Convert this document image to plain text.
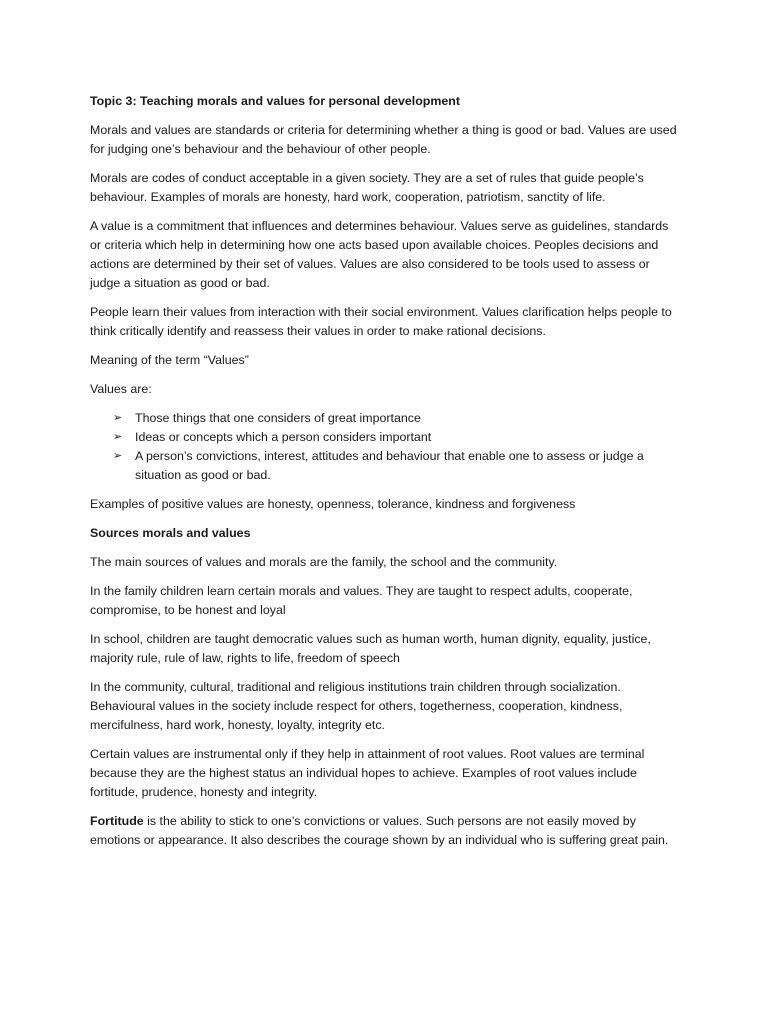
Topic 3: Teaching morals and values for personal development

Morals and values are standards or criteria for determining whether a thing is good or bad. Values are used for judging one’s behaviour and the behaviour of other people.

Morals are codes of conduct acceptable in a given society. They are a set of rules that guide people’s behaviour. Examples of morals are honesty, hard work, cooperation, patriotism, sanctity of life.

A value is a commitment that influences and determines behaviour. Values serve as guidelines, standards or criteria which help in determining how one acts based upon available choices. Peoples decisions and actions are determined by their set of values. Values are also considered to be tools used to assess or judge a situation as good or bad.

People learn their values from interaction with their social environment. Values clarification helps people to think critically identify and reassess their values in order to make rational decisions.

Meaning of the term “Values”

Values are:

➢ Those things that one considers of great importance
➢ Ideas or concepts which a person considers important
➢ A person’s convictions, interest, attitudes and behaviour that enable one to assess or judge a situation as good or bad.

Examples of positive values are honesty, openness, tolerance, kindness and forgiveness

Sources morals and values

The main sources of values and morals are the family, the school and the community.

In the family children learn certain morals and values. They are taught to respect adults, cooperate, compromise, to be honest and loyal

In school, children are taught democratic values such as human worth, human dignity, equality, justice, majority rule, rule of law, rights to life, freedom of speech

In the community, cultural, traditional and religious institutions train children through socialization. Behavioural values in the society include respect for others, togetherness, cooperation, kindness, mercifulness, hard work, honesty, loyalty, integrity etc.

Certain values are instrumental only if they help in attainment of root values. Root values are terminal because they are the highest status an individual hopes to achieve. Examples of root values include fortitude, prudence, honesty and integrity.

Fortitude is the ability to stick to one’s convictions or values. Such persons are not easily moved by emotions or appearance. It also describes the courage shown by an individual who is suffering great pain.
